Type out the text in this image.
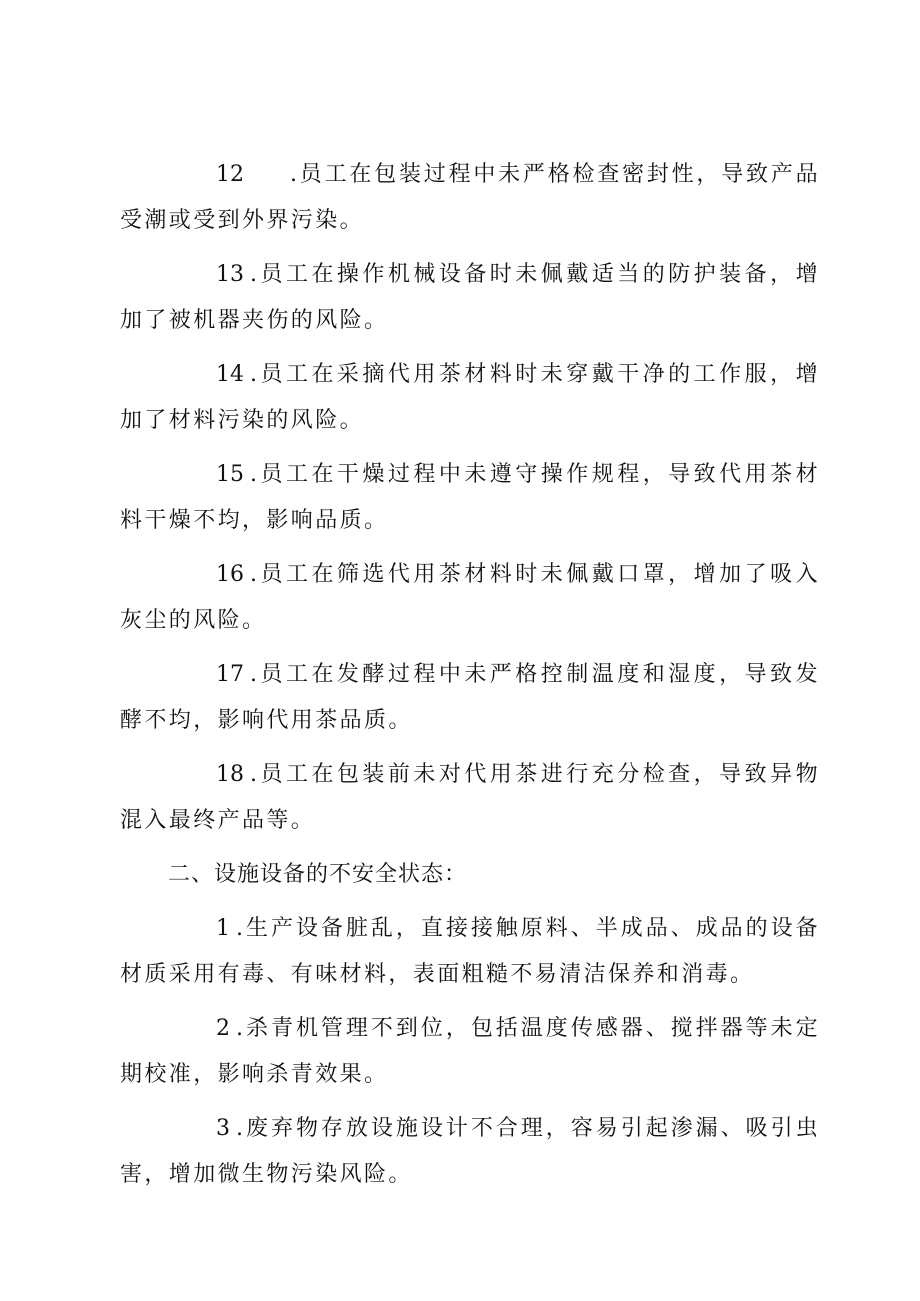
12 .员工在包装过程中未严格检查密封性，导致产品受潮或受到外界污染。

13 .员工在操作机械设备时未佩戴适当的防护装备，增加了被机器夹伤的风险。

14 .员工在采摘代用茶材料时未穿戴干净的工作服，增加了材料污染的风险。

15 .员工在干燥过程中未遵守操作规程，导致代用茶材料干燥不均，影响品质。

16 .员工在筛选代用茶材料时未佩戴口罩，增加了吸入灰尘的风险。

17 .员工在发酵过程中未严格控制温度和湿度，导致发酵不均，影响代用茶品质。

18 .员工在包装前未对代用茶进行充分检查，导致异物混入最终产品等。

二、设施设备的不安全状态：

1 .生产设备脏乱，直接接触原料、半成品、成品的设备材质采用有毒、有味材料，表面粗糙不易清洁保养和消毒。

2 .杀青机管理不到位，包括温度传感器、搅拌器等未定期校准，影响杀青效果。

3 .废弃物存放设施设计不合理，容易引起渗漏、吸引虫害，增加微生物污染风险。
